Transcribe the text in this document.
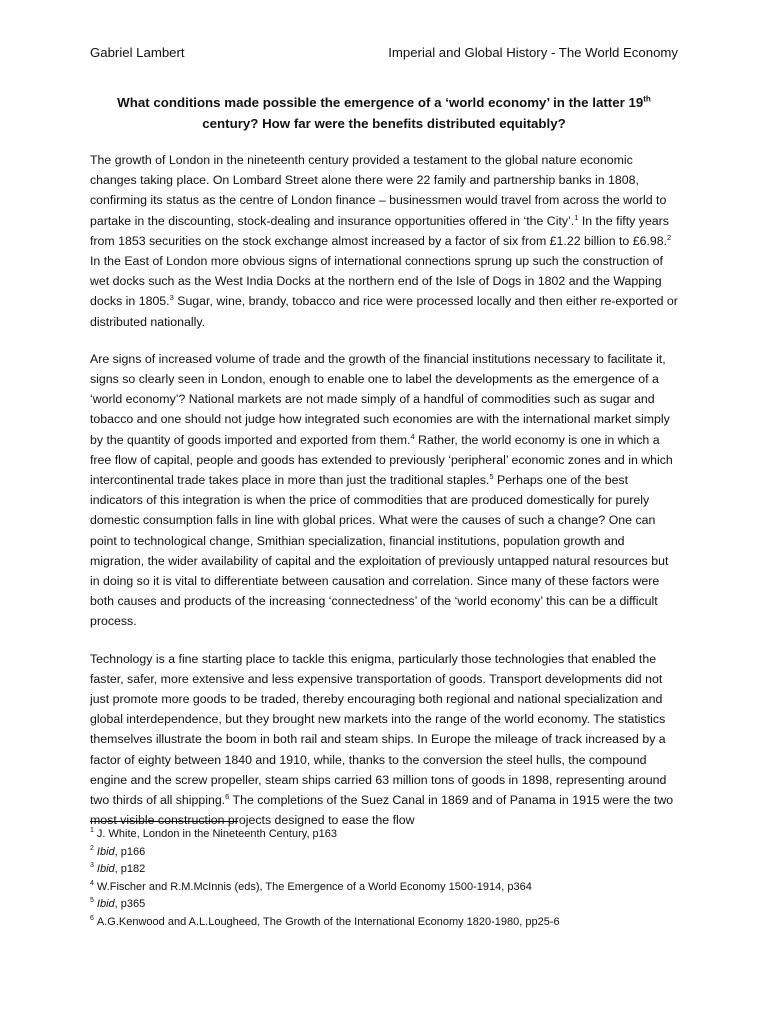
Gabriel Lambert	Imperial and Global History - The World Economy
What conditions made possible the emergence of a ‘world economy’ in the latter 19th
century? How far were the benefits distributed equitably?

The growth of London in the nineteenth century provided a testament to the global nature economic changes taking place. On Lombard Street alone there were 22 family and partnership banks in 1808, confirming its status as the centre of London finance – businessmen would travel from across the world to partake in the discounting, stock-dealing and insurance opportunities offered in ‘the City’.$^1$ In the fifty years from 1853 securities on the stock exchange almost increased by a factor of six from £1.22 billion to £6.98.$^2$ In the East of London more obvious signs of international connections sprung up such the construction of wet docks such as the West India Docks at the northern end of the Isle of Dogs in 1802 and the Wapping docks in 1805.$^3$ Sugar, wine, brandy, tobacco and rice were processed locally and then either re-exported or distributed nationally.

Are signs of increased volume of trade and the growth of the financial institutions necessary to facilitate it, signs so clearly seen in London, enough to enable one to label the developments as the emergence of a ‘world economy’? National markets are not made simply of a handful of commodities such as sugar and tobacco and one should not judge how integrated such economies are with the international market simply by the quantity of goods imported and exported from them.$^4$ Rather, the world economy is one in which a free flow of capital, people and goods has extended to previously ‘peripheral’ economic zones and in which intercontinental trade takes place in more than just the traditional staples.$^5$ Perhaps one of the best indicators of this integration is when the price of commodities that are produced domestically for purely domestic consumption falls in line with global prices. What were the causes of such a change? One can point to technological change, Smithian specialization, financial institutions, population growth and migration, the wider availability of capital and the exploitation of previously untapped natural resources but in doing so it is vital to differentiate between causation and correlation. Since many of these factors were both causes and products of the increasing ‘connectedness’ of the ‘world economy’ this can be a difficult process.

Technology is a fine starting place to tackle this enigma, particularly those technologies that enabled the faster, safer, more extensive and less expensive transportation of goods. Transport developments did not just promote more goods to be traded, thereby encouraging both regional and national specialization and global interdependence, but they brought new markets into the range of the world economy. The statistics themselves illustrate the boom in both rail and steam ships. In Europe the mileage of track increased by a factor of eighty between 1840 and 1910, while, thanks to the conversion the steel hulls, the compound engine and the screw propeller, steam ships carried 63 million tons of goods in 1898, representing around two thirds of all shipping.$^6$ The completions of the Suez Canal in 1869 and of Panama in 1915 were the two most visible construction projects designed to ease the flow

$^1$ J. White, London in the Nineteenth Century, p163
$^2$ Ibid, p166
$^3$ Ibid, p182
$^4$ W.Fischer and R.M.McInnis (eds), The Emergence of a World Economy 1500-1914, p364
$^5$ Ibid, p365
$^6$ A.G.Kenwood and A.L.Lougheed, The Growth of the International Economy 1820-1980, pp25-6
